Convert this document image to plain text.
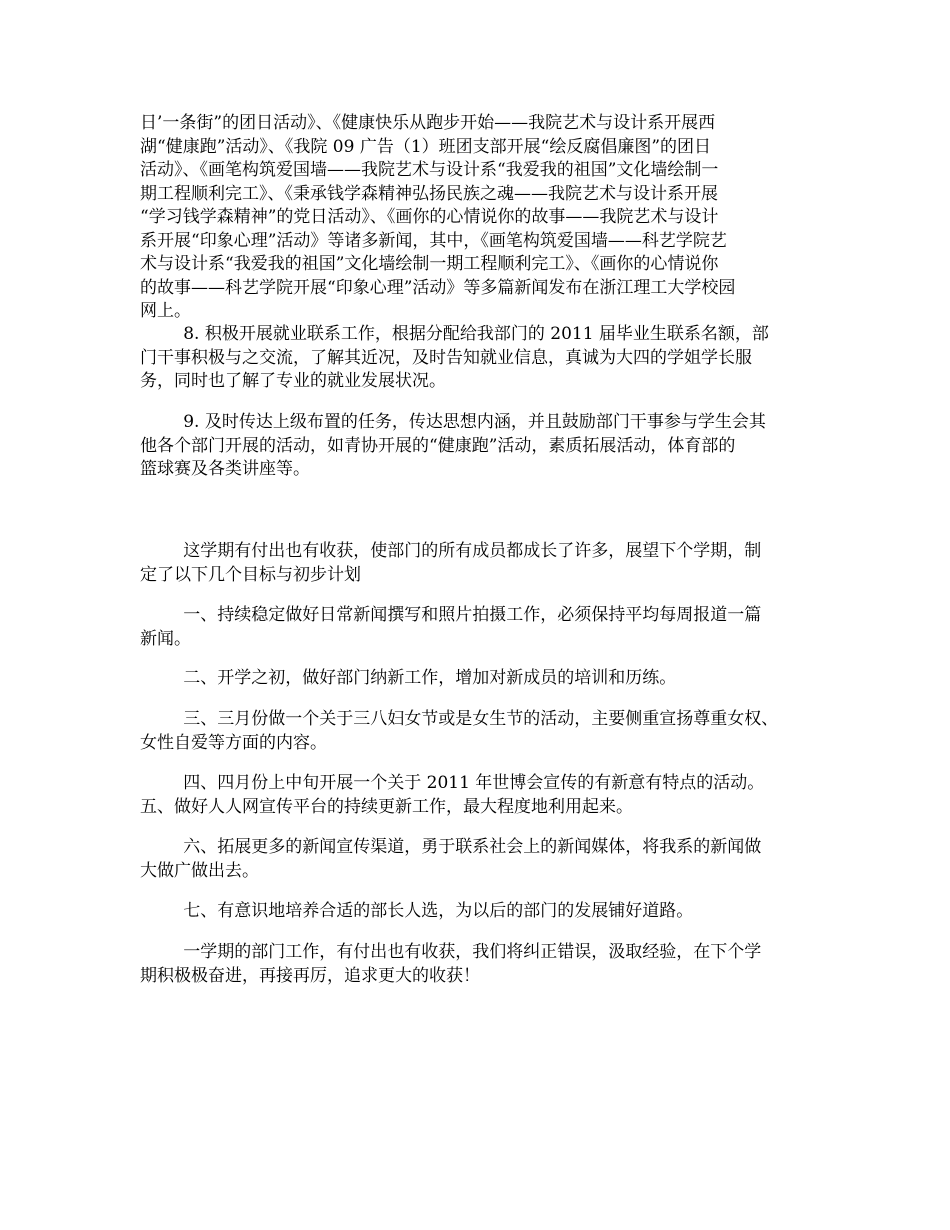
日’一条街”的团日活动》、《健康快乐从跑步开始——我院艺术与设计系开展西
湖“健康跑”活动》、《我院 09 广告（1）班团支部开展“绘反腐倡廉图”的团日
活动》、《画笔构筑爱国墙——我院艺术与设计系“我爱我的祖国”文化墙绘制一
期工程顺利完工》、《秉承钱学森精神弘扬民族之魂——我院艺术与设计系开展
“学习钱学森精神”的党日活动》、《画你的心情说你的故事——我院艺术与设计
系开展“印象心理”活动》等诸多新闻，其中，《画笔构筑爱国墙——科艺学院艺
术与设计系“我爱我的祖国”文化墙绘制一期工程顺利完工》、《画你的心情说你
的故事——科艺学院开展“印象心理”活动》等多篇新闻发布在浙江理工大学校园
网上。

8. 积极开展就业联系工作，根据分配给我部门的 2011 届毕业生联系名额，部
门干事积极与之交流，了解其近况，及时告知就业信息，真诚为大四的学姐学长服
务，同时也了解了专业的就业发展状况。

9. 及时传达上级布置的任务，传达思想内涵，并且鼓励部门干事参与学生会其
他各个部门开展的活动，如青协开展的“健康跑”活动，素质拓展活动，体育部的
篮球赛及各类讲座等。

这学期有付出也有收获，使部门的所有成员都成长了许多，展望下个学期，制
定了以下几个目标与初步计划

一、持续稳定做好日常新闻撰写和照片拍摄工作，必须保持平均每周报道一篇
新闻。

二、开学之初，做好部门纳新工作，增加对新成员的培训和历练。

三、三月份做一个关于三八妇女节或是女生节的活动，主要侧重宣扬尊重女权、
女性自爱等方面的内容。

四、四月份上中旬开展一个关于 2011 年世博会宣传的有新意有特点的活动。
五、做好人人网宣传平台的持续更新工作，最大程度地利用起来。

六、拓展更多的新闻宣传渠道，勇于联系社会上的新闻媒体，将我系的新闻做
大做广做出去。

七、有意识地培养合适的部长人选，为以后的部门的发展铺好道路。

一学期的部门工作，有付出也有收获，我们将纠正错误，汲取经验，在下个学
期积极极奋进，再接再厉，追求更大的收获！
